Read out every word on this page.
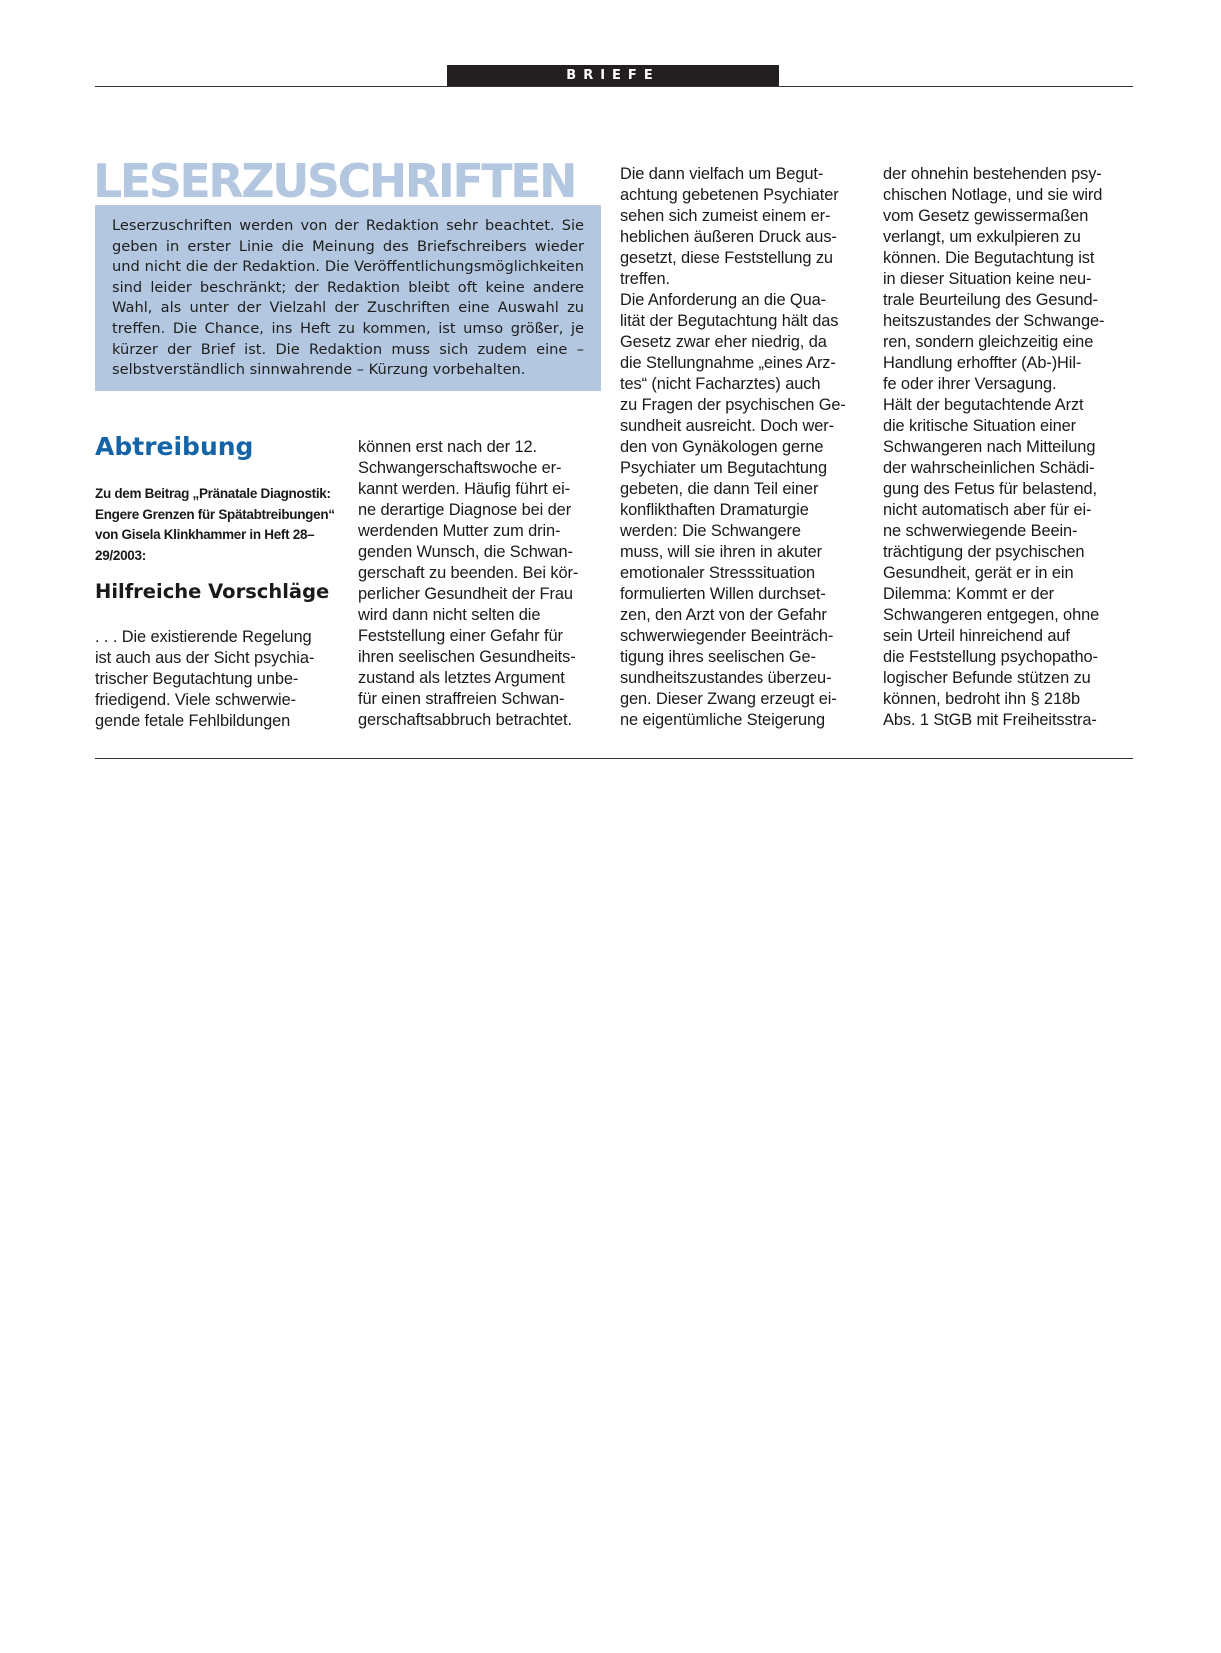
BRIEFE
LESERZUSCHRIFTEN

Leserzuschriften werden von der Redaktion sehr beachtet. Sie geben in erster Linie die Meinung des Briefschreibers wieder und nicht die der Redaktion. Die Veröffentlichungsmöglichkeiten sind leider beschränkt; der Redaktion bleibt oft keine andere Wahl, als unter der Vielzahl der Zuschriften eine Auswahl zu treffen. Die Chance, ins Heft zu kommen, ist umso größer, je kürzer der Brief ist. Die Redaktion muss sich zudem eine – selbstverständlich sinnwahrende – Kürzung vorbehalten.

Abtreibung

Zu dem Beitrag „Pränatale Diagnostik: Engere Grenzen für Spätabtreibungen“ von Gisela Klinkhammer in Heft 28–29/2003:

Hilfreiche Vorschläge
. . . Die existierende Regelung
ist auch aus der Sicht psychia-
trischer Begutachtung unbe-
friedigend. Viele schwerwie-
gende fetale Fehlbildungen
können erst nach der 12.
Schwangerschaftswoche er-
kannt werden. Häufig führt ei-
ne derartige Diagnose bei der
werdenden Mutter zum drin-
genden Wunsch, die Schwan-
gerschaft zu beenden. Bei kör-
perlicher Gesundheit der Frau
wird dann nicht selten die
Feststellung einer Gefahr für
ihren seelischen Gesundheits-
zustand als letztes Argument
für einen straffreien Schwan-
gerschaftsabbruch betrachtet.
Die dann vielfach um Begut-
achtung gebetenen Psychiater
sehen sich zumeist einem er-
heblichen äußeren Druck aus-
gesetzt, diese Feststellung zu
treffen.
Die Anforderung an die Qua-
lität der Begutachtung hält das
Gesetz zwar eher niedrig, da
die Stellungnahme „eines Arz-
tes“ (nicht Facharztes) auch
zu Fragen der psychischen Ge-
sundheit ausreicht. Doch wer-
den von Gynäkologen gerne
Psychiater um Begutachtung
gebeten, die dann Teil einer
konflikthaften Dramaturgie
werden: Die Schwangere
muss, will sie ihren in akuter
emotionaler Stresssituation
formulierten Willen durchset-
zen, den Arzt von der Gefahr
schwerwiegender Beeinträch-
tigung ihres seelischen Ge-
sundheitszustandes überzeu-
gen. Dieser Zwang erzeugt ei-
ne eigentümliche Steigerung
der ohnehin bestehenden psy-
chischen Notlage, und sie wird
vom Gesetz gewissermaßen
verlangt, um exkulpieren zu
können. Die Begutachtung ist
in dieser Situation keine neu-
trale Beurteilung des Gesund-
heitszustandes der Schwange-
ren, sondern gleichzeitig eine
Handlung erhoffter (Ab-)Hil-
fe oder ihrer Versagung.
Hält der begutachtende Arzt
die kritische Situation einer
Schwangeren nach Mitteilung
der wahrscheinlichen Schädi-
gung des Fetus für belastend,
nicht automatisch aber für ei-
ne schwerwiegende Beein-
trächtigung der psychischen
Gesundheit, gerät er in ein
Dilemma: Kommt er der
Schwangeren entgegen, ohne
sein Urteil hinreichend auf
die Feststellung psychopatho-
logischer Befunde stützen zu
können, bedroht ihn § 218b
Abs. 1 StGB mit Freiheitsstra-
